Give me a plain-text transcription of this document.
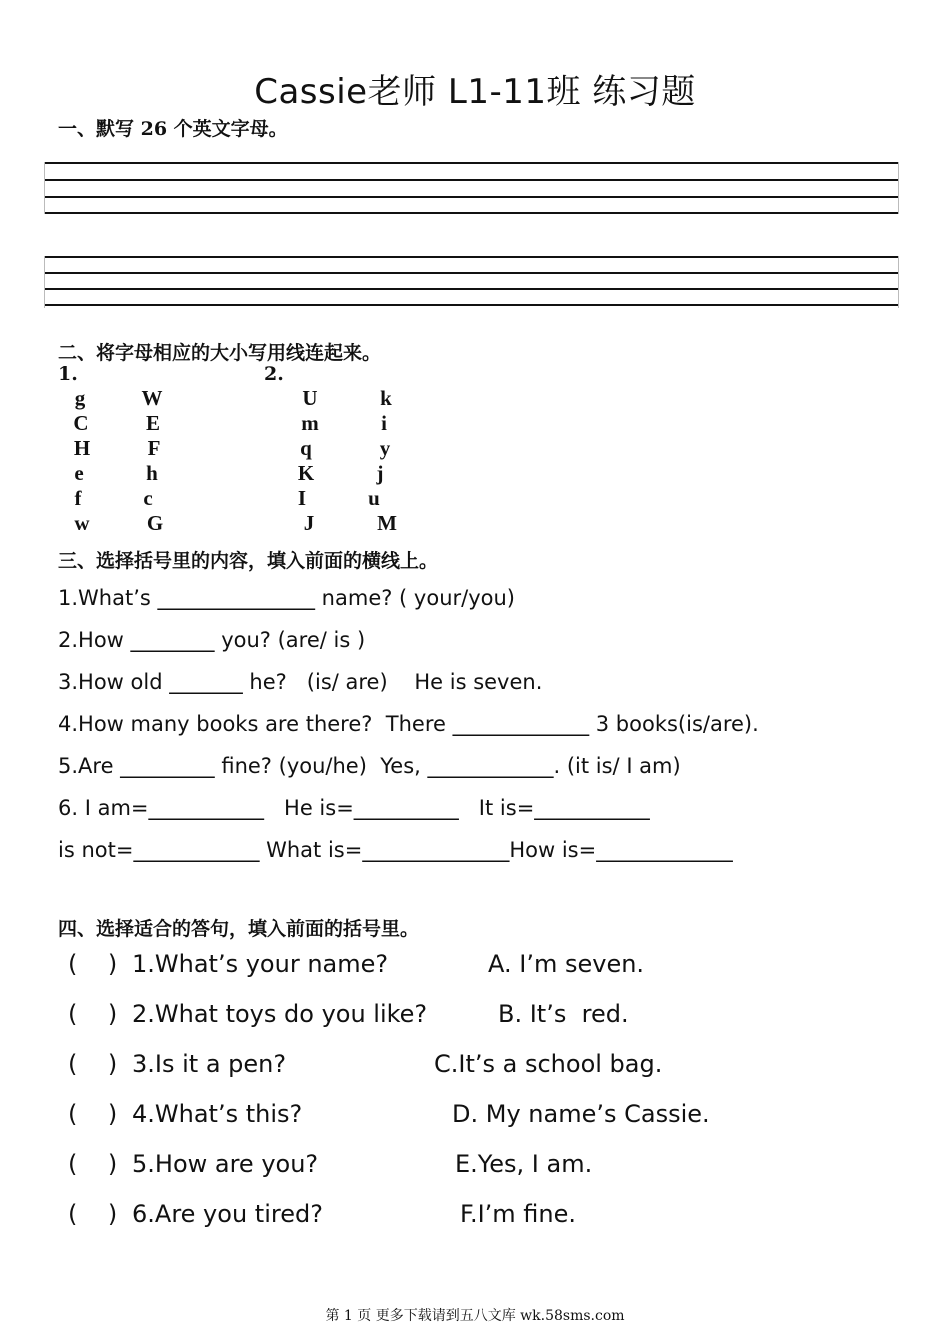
Cassie老师 L1-11班 练习题
一、默写 26 个英文字母。
二、将字母相应的大小写用线连起来。
1.	2.
g	W
C	E
H	F
e	h
f	c
w	G
U	k
m	i
q	y
K	j
I	u
J	M
三、选择括号里的内容，填入前面的横线上。
1.What’s _______________ name? ( your/you)
2.How ________ you? (are/ is )
3.How old _______ he?   (is/ are)    He is seven.
4.How many books are there?  There _____________ 3 books(is/are).
5.Are _________ fine? (you/he)  Yes, ____________. (it is/ I am)
6. I am=___________   He is=__________   It is=___________
is not=____________ What is=______________How is=_____________
四、选择适合的答句，填入前面的括号里。
(    ) 1.What’s your name?	A. I’m seven.
(    ) 2.What toys do you like?	B. It’s  red.
(    ) 3.Is it a pen?	C.It’s a school bag.
(    ) 4.What’s this?	D. My name’s Cassie.
(    ) 5.How are you?	E.Yes, I am.
(    ) 6.Are you tired?	F.I’m fine.
第 1 页 更多下载请到五八文库 wk.58sms.com
